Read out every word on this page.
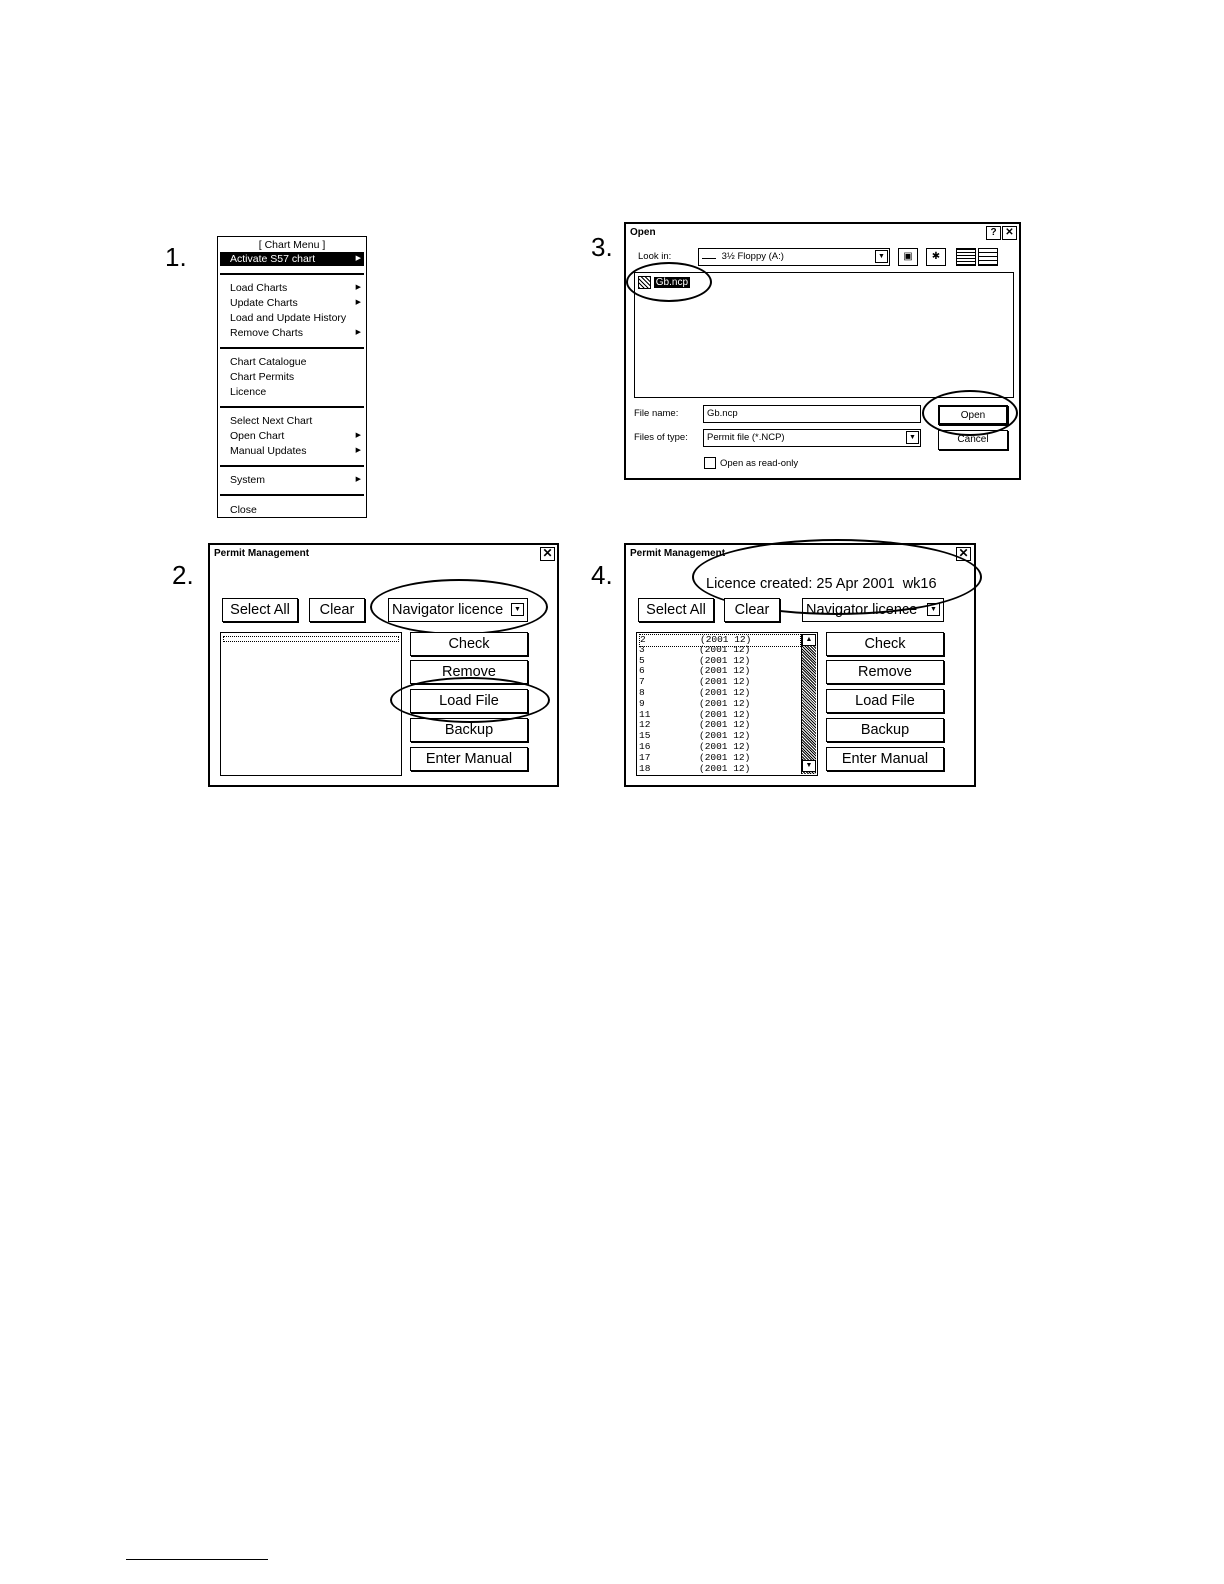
1.
2.
3.
4.
[ Chart Menu ]
Activate S57 chart	▶
Load Charts	▶
Update Charts	▶
Load and Update History
Remove Charts	▶
Chart Catalogue
Chart Permits
Licence
Select Next Chart
Open Chart	▶
Manual Updates	▶
System	▶
Close
Open	? ✕
Look in:	3½ Floppy (A:)	▼	▣	✱
Gb.ncp
File name:	Gb.ncp
Files of type:	Permit file (*.NCP)	▼
Open
Cancel
Open as read-only
Permit Management	✕
Select All	Clear	Navigator licence	▼
Check
Remove
Load File
Backup
Enter Manual
Permit Management	✕
Licence created: 25 Apr 2001  wk16
Select All	Clear	Navigator licence	▼
2	(2001 12)
3	(2001 12)
5	(2001 12)
6	(2001 12)
7	(2001 12)
8	(2001 12)
9	(2001 12)
11	(2001 12)
12	(2001 12)
15	(2001 12)
16	(2001 12)
17	(2001 12)
18	(2001 12)
▲
▼
Check
Remove
Load File
Backup
Enter Manual
